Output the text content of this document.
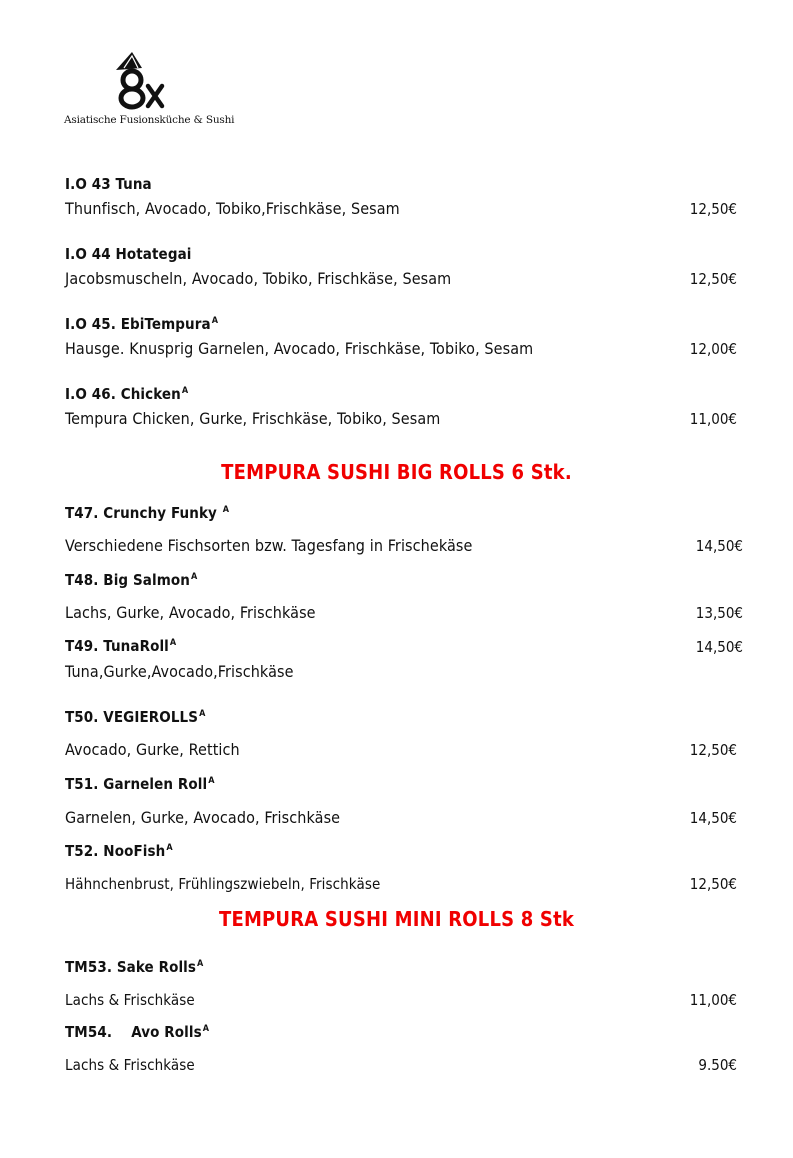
Asiatische Fusionsküche & Sushi
I.O 43 Tuna
Thunfisch, Avocado, Tobiko,Frischkäse, Sesam	12,50€
I.O 44 Hotategai
Jacobsmuscheln, Avocado, Tobiko, Frischkäse, Sesam	12,50€
I.O 45. EbiTempura$^A$
Hausge. Knusprig Garnelen, Avocado, Frischkäse, Tobiko, Sesam	12,00€
I.O 46. Chicken$^A$
Tempura Chicken, Gurke, Frischkäse, Tobiko, Sesam	11,00€
TEMPURA SUSHI BIG ROLLS 6 Stk.
T47. Crunchy Funky $^A$
Verschiedene Fischsorten bzw. Tagesfang in Frischekäse	14,50€
T48. Big Salmon$^A$
Lachs, Gurke, Avocado, Frischkäse	13,50€
T49. TunaRoll$^A$	14,50€
Tuna,Gurke,Avocado,Frischkäse
T50. $VEGIEROLLS^A$
Avocado, Gurke, Rettich	12,50€
T51. Garnelen Roll$^A$
Garnelen, Gurke, Avocado, Frischkäse	14,50€
T52. NooFish$^A$
Hähnchenbrust, Frühlingszwiebeln, Frischkäse	12,50€
TEMPURA SUSHI MINI ROLLS 8 Stk
TM53. Sake Rolls$^A$
Lachs & Frischkäse	11,00€
TM54.    Avo Rolls$^A$
Lachs & Frischkäse	9.50€
